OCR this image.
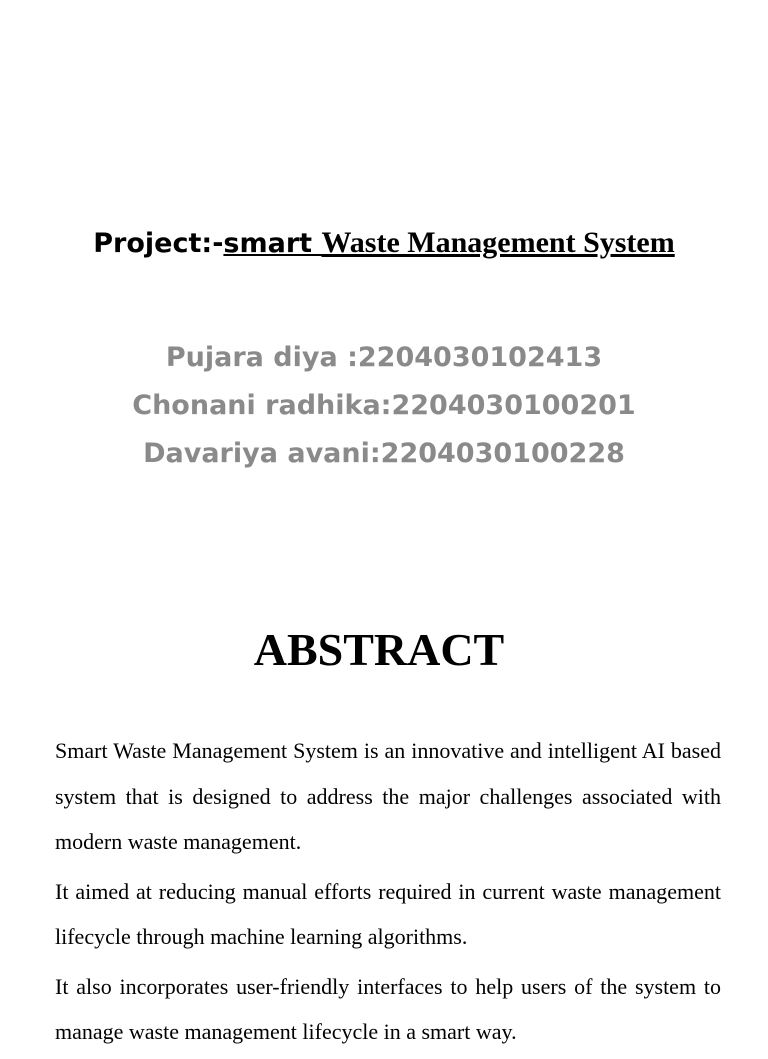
Project:-smart Waste Management System
Pujara diya :2204030102413
Chonani radhika:2204030100201
Davariya avani:2204030100228
ABSTRACT

Smart Waste Management System is an innovative and intelligent AI based system that is designed to address the major challenges associated with modern waste management.

It aimed at reducing manual efforts required in current waste management lifecycle through machine learning algorithms.

It also incorporates user-friendly interfaces to help users of the system to manage waste management lifecycle in a smart way.
